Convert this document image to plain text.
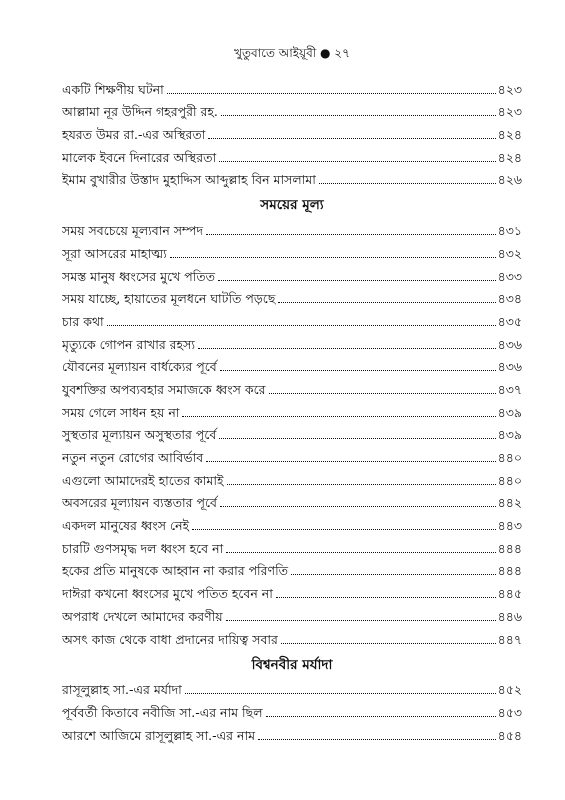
খুতুবাতে আইয়ূবী ● ২৭
একটি শিক্ষণীয় ঘটনা	৪২৩
আল্লামা নূর উদ্দিন গহরপুরী রহ.	৪২৩
হযরত উমর রা.-এর অস্থিরতা	৪২৪
মালেক ইবনে দিনারের অস্থিরতা	৪২৪
ইমাম বুখারীর উস্তাদ মুহাদ্দিস আব্দুল্লাহ বিন মাসলামা	৪২৬
সময়ের মূল্য
সময় সবচেয়ে মূল্যবান সম্পদ	৪৩১
সূরা আসরের মাহাত্ম্য	৪৩২
সমস্ত মানুষ ধ্বংসের মুখে পতিত	৪৩৩
সময় যাচ্ছে, হায়াতের মূলধনে ঘাটতি পড়ছে	৪৩৪
চার কথা	৪৩৫
মৃত্যুকে গোপন রাখার রহস্য	৪৩৬
যৌবনের মূল্যায়ন বার্ধক্যের পূর্বে	৪৩৬
যুবশক্তির অপব্যবহার সমাজকে ধ্বংস করে	৪৩৭
সময় গেলে সাধন হয় না	৪৩৯
সুস্থতার মূল্যায়ন অসুস্থতার পূর্বে	৪৩৯
নতুন নতুন রোগের আবির্ভাব	৪৪০
এগুলো আমাদেরই হাতের কামাই	৪৪০
অবসরের মূল্যায়ন ব্যস্ততার পূর্বে	৪৪২
একদল মানুষের ধ্বংস নেই	৪৪৩
চারটি গুণসমৃদ্ধ দল ধ্বংস হবে না	৪৪৪
হকের প্রতি মানুষকে আহ্বান না করার পরিণতি	৪৪৪
দাঈরা কখনো ধ্বংসের মুখে পতিত হবেন না	৪৪৫
অপরাধ দেখলে আমাদের করণীয়	৪৪৬
অসৎ কাজ থেকে বাধা প্রদানের দায়িত্ব সবার	৪৪৭
বিশ্বনবীর মর্যাদা
রাসূলুল্লাহ সা.-এর মর্যাদা	৪৫২
পূর্ববর্তী কিতাবে নবীজি সা.-এর নাম ছিল	৪৫৩
আরশে আজিমে রাসূলুল্লাহ সা.-এর নাম	৪৫৪
